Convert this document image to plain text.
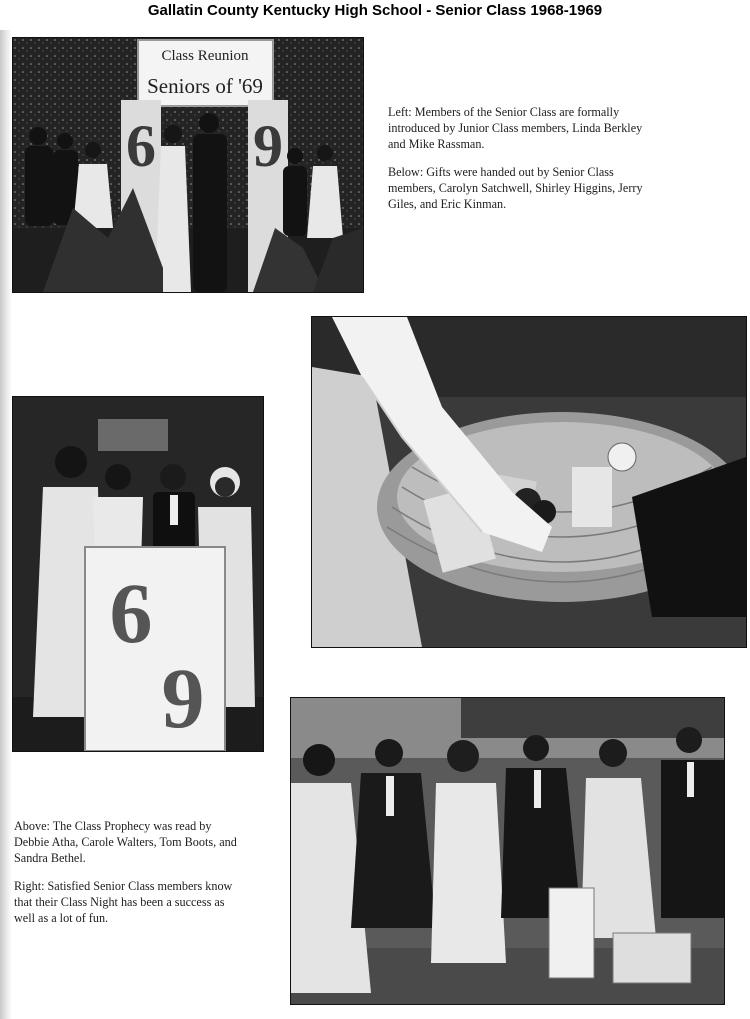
Gallatin County Kentucky High School - Senior Class 1968-1969
Class Reunion
Seniors of '69
6 9

Left: Members of the Senior Class are formally introduced by Junior Class members, Linda Berkley and Mike Rassman.

Below: Gifts were handed out by Senior Class members, Carolyn Satchwell, Shirley Higgins, Jerry Giles, and Eric Kinman.

6
9

Above: The Class Prophecy was read by Debbie Atha, Carole Walters, Tom Boots, and Sandra Bethel.

Right: Satisfied Senior Class members know that their Class Night has been a success as well as a lot of fun.
